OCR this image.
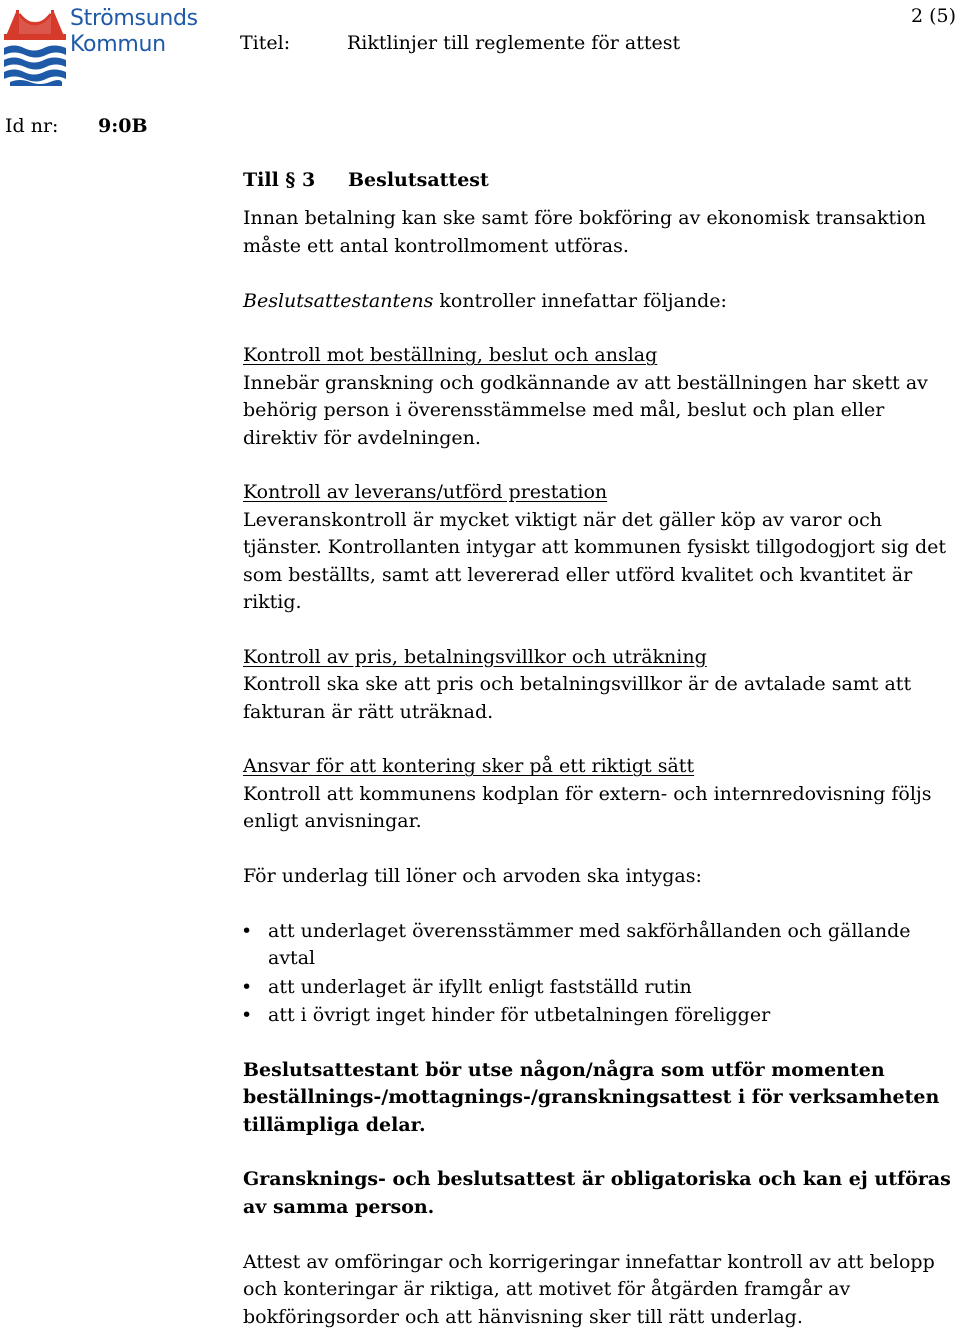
Strömsunds
Kommun	Titel:	Riktlinjer till reglemente för attest
2 (5)
Id nr: 9:0B

Till § 3 Beslutsattest

Innan betalning kan ske samt före bokföring av ekonomisk transaktion måste ett antal kontrollmoment utföras.

Beslutsattestantens kontroller innefattar följande:

Kontroll mot beställning, beslut och anslag

Innebär granskning och godkännande av att beställningen har skett av behörig person i överensstämmelse med mål, beslut och plan eller direktiv för avdelningen.

Kontroll av leverans/utförd prestation

Leveranskontroll är mycket viktigt när det gäller köp av varor och tjänster. Kontrollanten intygar att kommunen fysiskt tillgodogjort sig det som beställts, samt att levererad eller utförd kvalitet och kvantitet är riktig.

Kontroll av pris, betalningsvillkor och uträkning

Kontroll ska ske att pris och betalningsvillkor är de avtalade samt att fakturan är rätt uträknad.

Ansvar för att kontering sker på ett riktigt sätt

Kontroll att kommunens kodplan för extern- och internredovisning följs enligt anvisningar.

För underlag till löner och arvoden ska intygas:

• att underlaget överensstämmer med sakförhållanden och gällande avtal
• att underlaget är ifyllt enligt fastställd rutin
• att i övrigt inget hinder för utbetalningen föreligger

Beslutsattestant bör utse någon/några som utför momenten beställnings-/mottagnings-/granskningsattest i för verksamheten tillämpliga delar.

Gransknings- och beslutsattest är obligatoriska och kan ej utföras av samma person.

Attest av omföringar och korrigeringar innefattar kontroll av att belopp och konteringar är riktiga, att motivet för åtgärden framgår av bokföringsorder och att hänvisning sker till rätt underlag.
